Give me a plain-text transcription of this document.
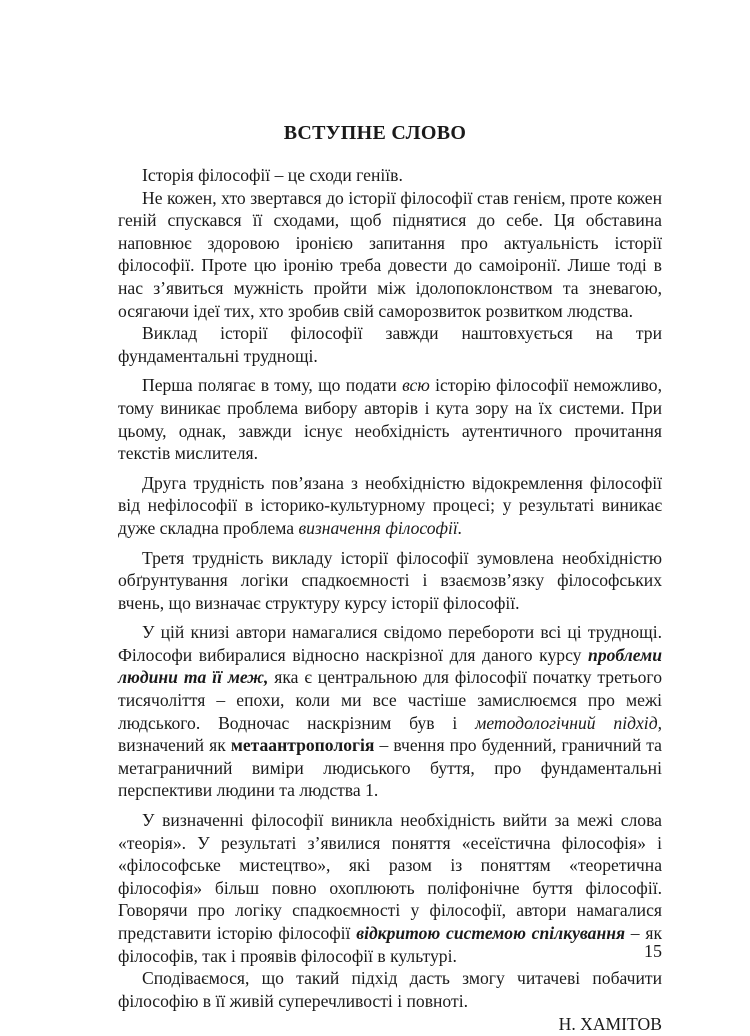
ВСТУПНЕ СЛОВО

Історія філософії – це сходи геніїв.

Не кожен, хто звертався до історії філософії став генієм, проте кожен геній спускався її сходами, щоб піднятися до себе. Ця обставина наповнює здоровою іронією запитання про актуальність історії філософії. Проте цю іронію треба довести до самоіронії. Лише тоді в нас з’явиться мужність пройти між ідолопоклонством та зневагою, осягаючи ідеї тих, хто зробив свій саморозвиток розвитком людства.

Виклад історії філософії завжди наштовхується на три фундаментальні труднощі.

Перша полягає в тому, що подати всю історію філософії неможливо, тому виникає проблема вибору авторів і кута зору на їх системи. При цьому, однак, завжди існує необхідність аутентичного прочитання текстів мислителя.

Друга трудність пов’язана з необхідністю відокремлення філософії від нефілософії в історико-культурному процесі; у результаті виникає дуже складна проблема визначення філософії.

Третя трудність викладу історії філософії зумовлена необхідністю обґрунтування логіки спадкоємності і взаємозв’язку філософських вчень, що визначає структуру курсу історії філософії.

У цій книзі автори намагалися свідомо перебороти всі ці труднощі. Філософи вибиралися відносно наскрізної для даного курсу проблеми людини та її меж, яка є центральною для філософії початку третього тисячоліття – епохи, коли ми все частіше замислюємся про межі людського. Водночас наскрізним був і методологічний підхід, визначений як метаантропологія – вчення про буденний, граничний та метаграничний виміри людиського буття, про фундаментальні перспективи людини та людства 1.

У визначенні філософії виникла необхідність вийти за межі слова «теорія». У результаті з’явилися поняття «есеїстична філософія» і «філософське мистецтво», які разом із поняттям «теоретична філософія» більш повно охоплюють поліфонічне буття філософії. Говорячи про логіку спадкоємності у філософії, автори намагалися представити історію філософії відкритою системою спілкування – як філософів, так і проявів філософії в культурі.

Сподіваємося, що такий підхід дасть змогу читачеві побачити філософію в її живій суперечливості і повноті.

Н. ХАМІТОВ

15
